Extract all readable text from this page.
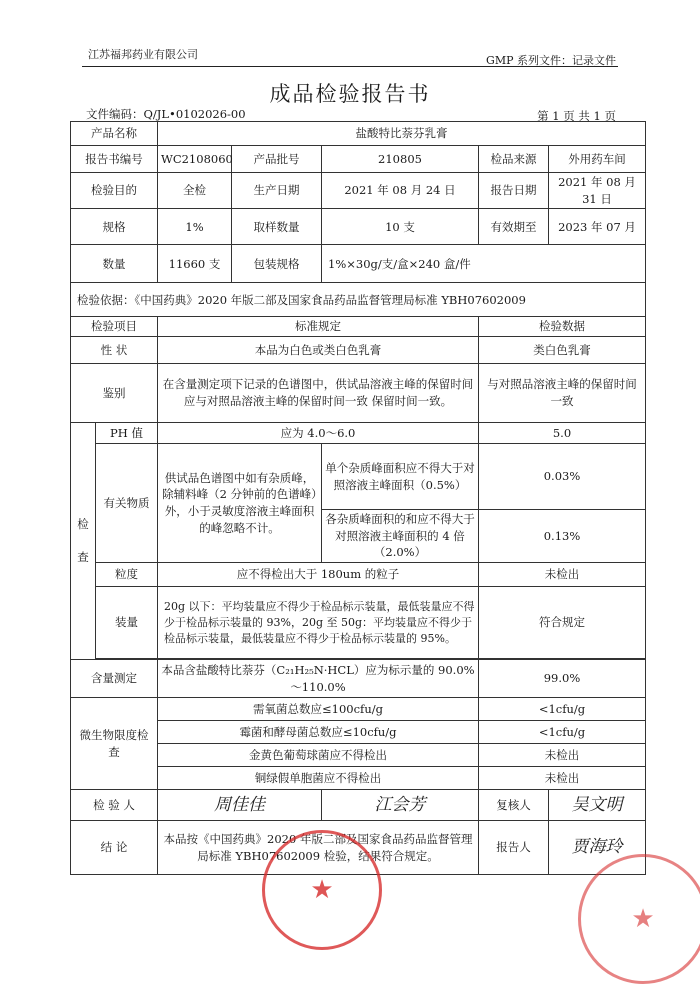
江苏福邦药业有限公司	GMP 系列文件：记录文件
成品检验报告书
文件编码：Q/JL•0102026-00	第 1 页 共 1 页
产品名称		盐酸特比萘芬乳膏				
报告书编号		WC2108060	产品批号	210805	检品来源	外用药车间
检验目的		全检	生产日期	2021 年 08 月 24 日	报告日期	2021 年 08 月 31 日
规格		1%	取样数量	10 支	有效期至	2023 年 07 月
数量		11660 支	包装规格	1%×30g/支/盒×240 盒/件		
检验依据：《中国药典》2020 年版二部及国家食品药品监督管理局标准 YBH07602009						
检验项目		标准规定			检验数据	
性 状		本品为白色或类白色乳膏			类白色乳膏	
鉴别		在含量测定项下记录的色谱图中，供试品溶液主峰的保留时间应与对照品溶液主峰的保留时间一致 保留时间一致。			与对照品溶液主峰的保留时间一致	
检

查	PH 值	应为 4.0～6.0			5.0	
	有关物质	供试品色谱图中如有杂质峰，除辅料峰（2 分钟前的色谱峰）外，小于灵敏度溶液主峰面积的峰忽略不计。		单个杂质峰面积应不得大于对照溶液主峰面积（0.5%）	0.03%	
				各杂质峰面积的和应不得大于对照溶液主峰面积的 4 倍（2.0%）	0.13%	
	粒度	应不得检出大于 180um 的粒子			未检出	
	装量	20g 以下：平均装量应不得少于检品标示装量，最低装量应不得少于检品标示装量的 93%，20g 至 50g：平均装量应不得少于检品标示装量，最低装量应不得少于检品标示装量的 95%。			符合规定	

含量测定		本品含盐酸特比萘芬（C₂₁H₂₅N·HCL）应为标示量的 90.0%～110.0%			99.0%	
微生物限度检查		需氧菌总数应≤100cfu/g			<1cfu/g	
		霉菌和酵母菌总数应≤10cfu/g			<1cfu/g	
		金黄色葡萄球菌应不得检出			未检出	
		铜绿假单胞菌应不得检出			未检出	
检 验 人		周佳佳		江会芳	复核人	吴文明
结 论		本品按《中国药典》2020 年版二部及国家食品药品监督管理局标准 YBH07602009 检验，结果符合规定。			报告人	贾海玲
★
★
